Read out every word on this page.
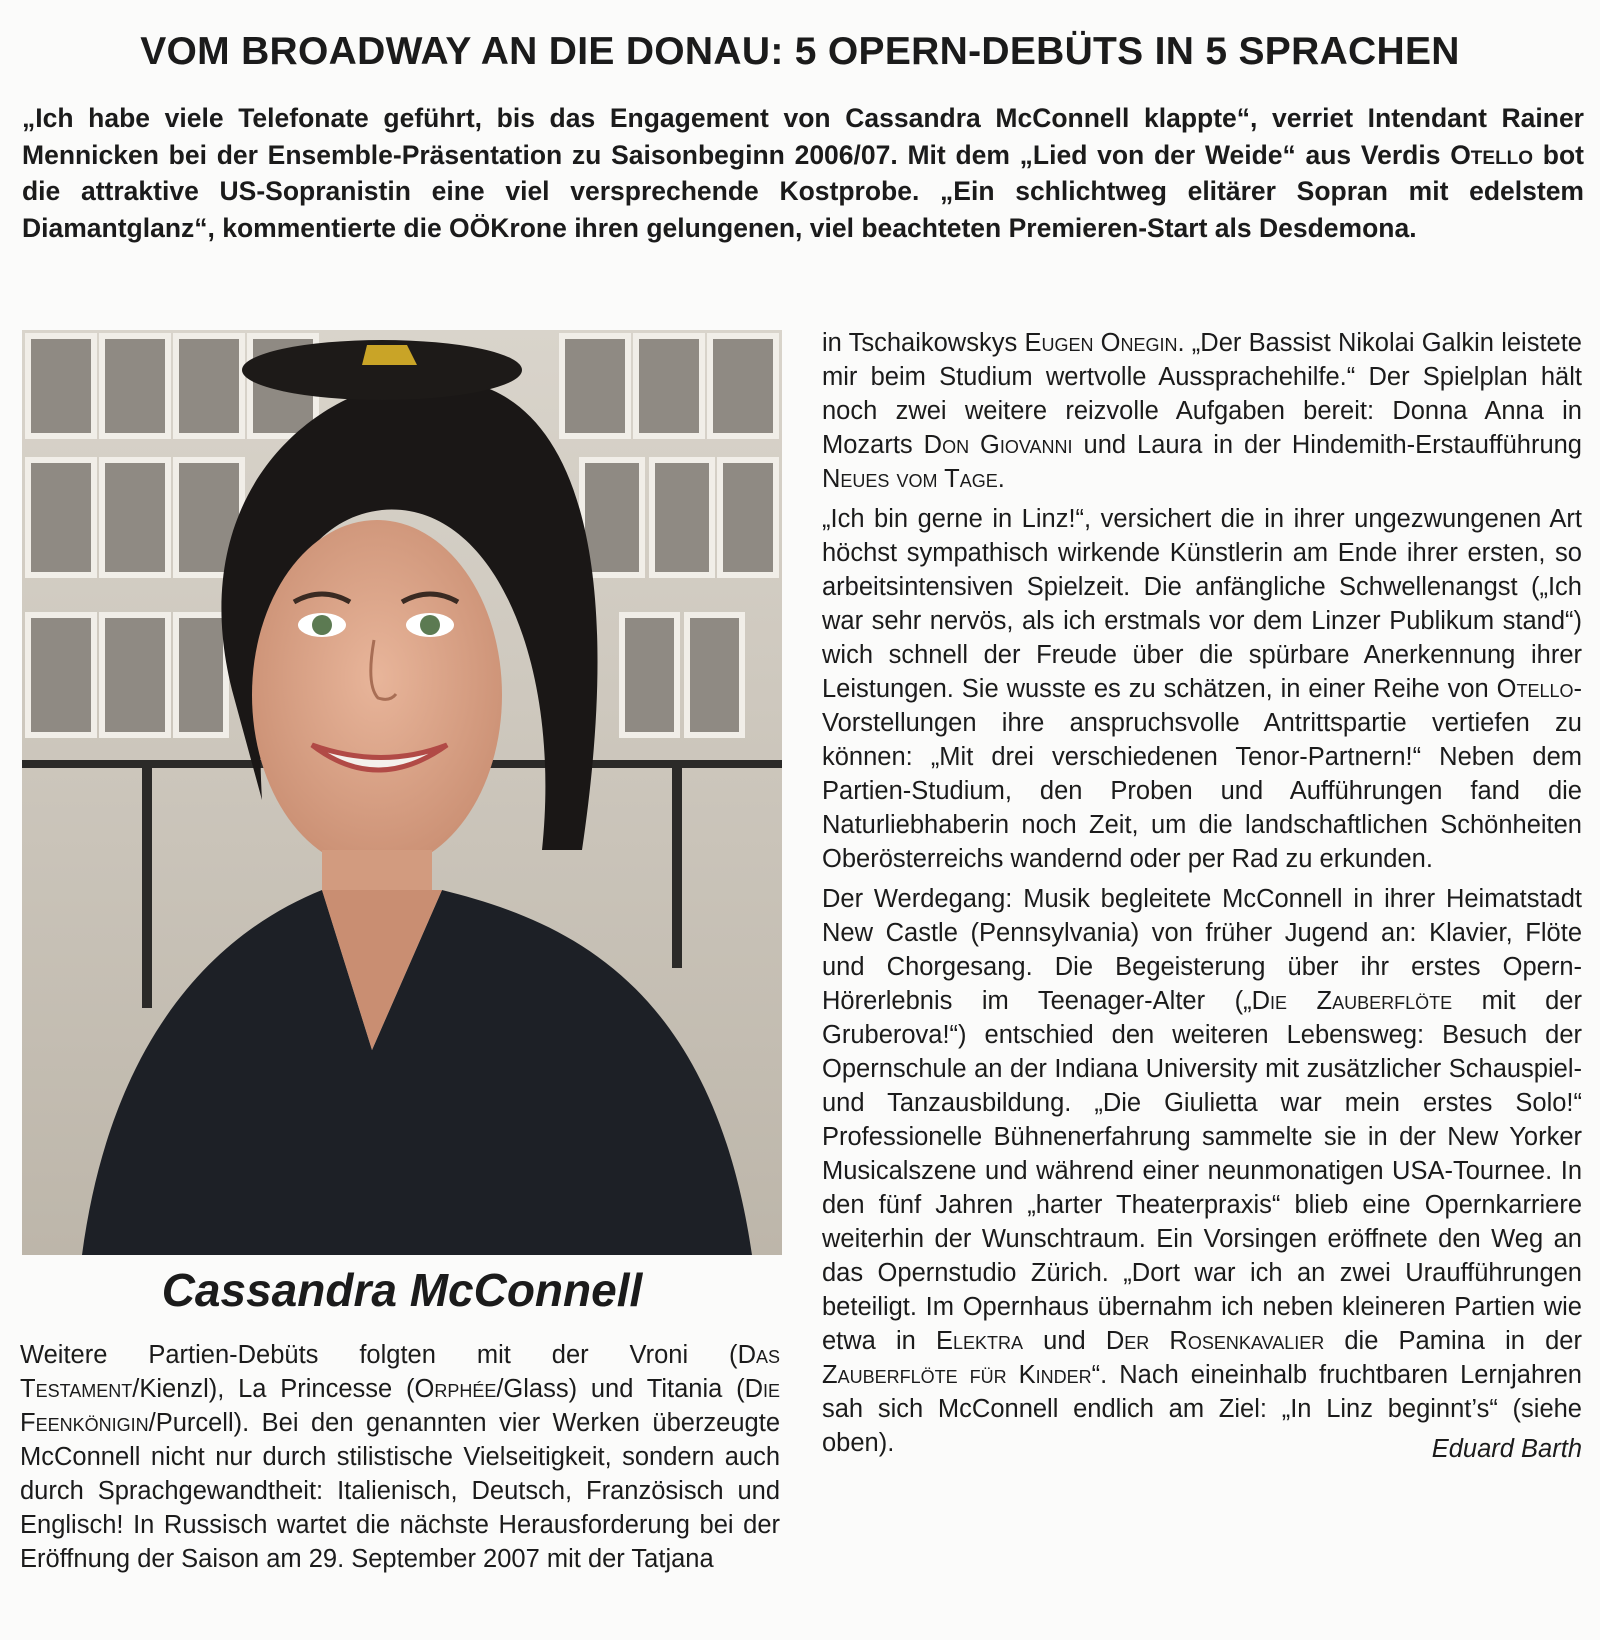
VOM BROADWAY AN DIE DONAU: 5 OPERN-DEBÜTS IN 5 SPRACHEN

„Ich habe viele Telefonate geführt, bis das Engagement von Cassandra McConnell klappte“, verriet Intendant Rainer Mennicken bei der Ensemble-Präsentation zu Saisonbeginn 2006/07. Mit dem „Lied von der Weide“ aus Verdis Otello bot die attraktive US-Sopranistin eine viel versprechende Kostprobe. „Ein schlichtweg elitärer Sopran mit edelstem Diamantglanz“, kommentierte die OÖKrone ihren gelungenen, viel beachteten Premieren-Start als Desdemona.

Cassandra McConnell

Weitere Partien-Debüts folgten mit der Vroni (Das Testament/Kienzl), La Princesse (Orphée/Glass) und Titania (Die Feenkönigin/Purcell). Bei den genannten vier Werken überzeugte McConnell nicht nur durch stilistische Vielseitigkeit, sondern auch durch Sprachgewandtheit: Italienisch, Deutsch, Französisch und Englisch! In Russisch wartet die nächste Herausforderung bei der Eröffnung der Saison am 29. September 2007 mit der Tatjana

in Tschaikowskys Eugen Onegin. „Der Bassist Nikolai Galkin leistete mir beim Studium wertvolle Aussprachehilfe.“ Der Spielplan hält noch zwei weitere reizvolle Aufgaben bereit: Donna Anna in Mozarts Don Giovanni und Laura in der Hindemith-Erstaufführung Neues vom Tage.

„Ich bin gerne in Linz!“, versichert die in ihrer ungezwungenen Art höchst sympathisch wirkende Künstlerin am Ende ihrer ersten, so arbeitsintensiven Spielzeit. Die anfängliche Schwellenangst („Ich war sehr nervös, als ich erstmals vor dem Linzer Publikum stand“) wich schnell der Freude über die spürbare Anerkennung ihrer Leistungen. Sie wusste es zu schätzen, in einer Reihe von Otello-Vorstellungen ihre anspruchsvolle Antrittspartie vertiefen zu können: „Mit drei verschiedenen Tenor-Partnern!“ Neben dem Partien-Studium, den Proben und Aufführungen fand die Naturliebhaberin noch Zeit, um die landschaftlichen Schönheiten Oberösterreichs wandernd oder per Rad zu erkunden.

Der Werdegang: Musik begleitete McConnell in ihrer Heimatstadt New Castle (Pennsylvania) von früher Jugend an: Klavier, Flöte und Chorgesang. Die Begeisterung über ihr erstes Opern-Hörerlebnis im Teenager-Alter („Die Zauberflöte mit der Gruberova!“) entschied den weiteren Lebensweg: Besuch der Opernschule an der Indiana University mit zusätzlicher Schauspiel- und Tanzausbildung. „Die Giulietta war mein erstes Solo!“ Professionelle Bühnenerfahrung sammelte sie in der New Yorker Musicalszene und während einer neunmonatigen USA-Tournee. In den fünf Jahren „harter Theaterpraxis“ blieb eine Opernkarriere weiterhin der Wunschtraum. Ein Vorsingen eröffnete den Weg an das Opernstudio Zürich. „Dort war ich an zwei Uraufführungen beteiligt. Im Opernhaus übernahm ich neben kleineren Partien wie etwa in Elektra und Der Rosenkavalier die Pamina in der Zauberflöte für Kinder“. Nach eineinhalb fruchtbaren Lernjahren sah sich McConnell endlich am Ziel: „In Linz beginnt’s“ (siehe oben).	Eduard Barth
